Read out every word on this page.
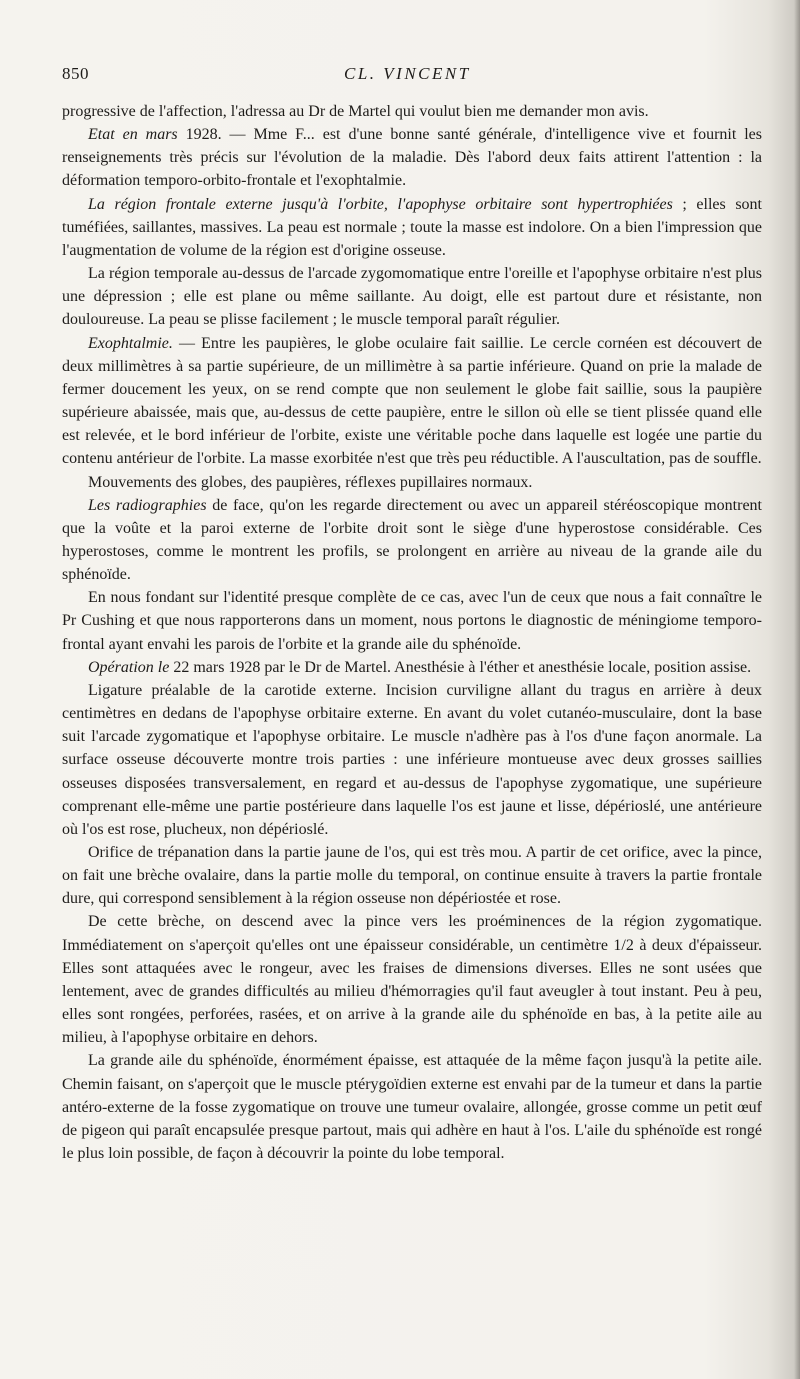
850	CL. VINCENT

progressive de l'affection, l'adressa au Dr de Martel qui voulut bien me demander mon avis.

Etat en mars 1928. — Mme F... est d'une bonne santé générale, d'intelligence vive et fournit les renseignements très précis sur l'évolution de la maladie. Dès l'abord deux faits attirent l'attention : la déformation temporo-orbito-frontale et l'exophtalmie.

La région frontale externe jusqu'à l'orbite, l'apophyse orbitaire sont hypertrophiées ; elles sont tuméfiées, saillantes, massives. La peau est normale ; toute la masse est indolore. On a bien l'impression que l'augmentation de volume de la région est d'origine osseuse.

La région temporale au-dessus de l'arcade zygomomatique entre l'oreille et l'apophyse orbitaire n'est plus une dépression ; elle est plane ou même saillante. Au doigt, elle est partout dure et résistante, non douloureuse. La peau se plisse facilement ; le muscle temporal paraît régulier.

Exophtalmie. — Entre les paupières, le globe oculaire fait saillie. Le cercle cornéen est découvert de deux millimètres à sa partie supérieure, de un millimètre à sa partie inférieure. Quand on prie la malade de fermer doucement les yeux, on se rend compte que non seulement le globe fait saillie, sous la paupière supérieure abaissée, mais que, au-dessus de cette paupière, entre le sillon où elle se tient plissée quand elle est relevée, et le bord inférieur de l'orbite, existe une véritable poche dans laquelle est logée une partie du contenu antérieur de l'orbite. La masse exorbitée n'est que très peu réductible. A l'auscultation, pas de souffle.

Mouvements des globes, des paupières, réflexes pupillaires normaux.

Les radiographies de face, qu'on les regarde directement ou avec un appareil stéréoscopique montrent que la voûte et la paroi externe de l'orbite droit sont le siège d'une hyperostose considérable. Ces hyperostoses, comme le montrent les profils, se prolongent en arrière au niveau de la grande aile du sphénoïde.

En nous fondant sur l'identité presque complète de ce cas, avec l'un de ceux que nous a fait connaître le Pr Cushing et que nous rapporterons dans un moment, nous portons le diagnostic de méningiome temporo-frontal ayant envahi les parois de l'orbite et la grande aile du sphénoïde.

Opération le 22 mars 1928 par le Dr de Martel. Anesthésie à l'éther et anesthésie locale, position assise.

Ligature préalable de la carotide externe. Incision curviligne allant du tragus en arrière à deux centimètres en dedans de l'apophyse orbitaire externe. En avant du volet cutanéo-musculaire, dont la base suit l'arcade zygomatique et l'apophyse orbitaire. Le muscle n'adhère pas à l'os d'une façon anormale. La surface osseuse découverte montre trois parties : une inférieure montueuse avec deux grosses saillies osseuses disposées transversalement, en regard et au-dessus de l'apophyse zygomatique, une supérieure comprenant elle-même une partie postérieure dans laquelle l'os est jaune et lisse, dépérioslé, une antérieure où l'os est rose, plucheux, non dépérioslé.

Orifice de trépanation dans la partie jaune de l'os, qui est très mou. A partir de cet orifice, avec la pince, on fait une brèche ovalaire, dans la partie molle du temporal, on continue ensuite à travers la partie frontale dure, qui correspond sensiblement à la région osseuse non dépériostée et rose.

De cette brèche, on descend avec la pince vers les proéminences de la région zygomatique. Immédiatement on s'aperçoit qu'elles ont une épaisseur considérable, un centimètre 1/2 à deux d'épaisseur. Elles sont attaquées avec le rongeur, avec les fraises de dimensions diverses. Elles ne sont usées que lentement, avec de grandes difficultés au milieu d'hémorragies qu'il faut aveugler à tout instant. Peu à peu, elles sont rongées, perforées, rasées, et on arrive à la grande aile du sphénoïde en bas, à la petite aile au milieu, à l'apophyse orbitaire en dehors.

La grande aile du sphénoïde, énormément épaisse, est attaquée de la même façon jusqu'à la petite aile. Chemin faisant, on s'aperçoit que le muscle ptérygoïdien externe est envahi par de la tumeur et dans la partie antéro-externe de la fosse zygomatique on trouve une tumeur ovalaire, allongée, grosse comme un petit œuf de pigeon qui paraît encapsulée presque partout, mais qui adhère en haut à l'os. L'aile du sphénoïde est rongé le plus loin possible, de façon à découvrir la pointe du lobe temporal.
